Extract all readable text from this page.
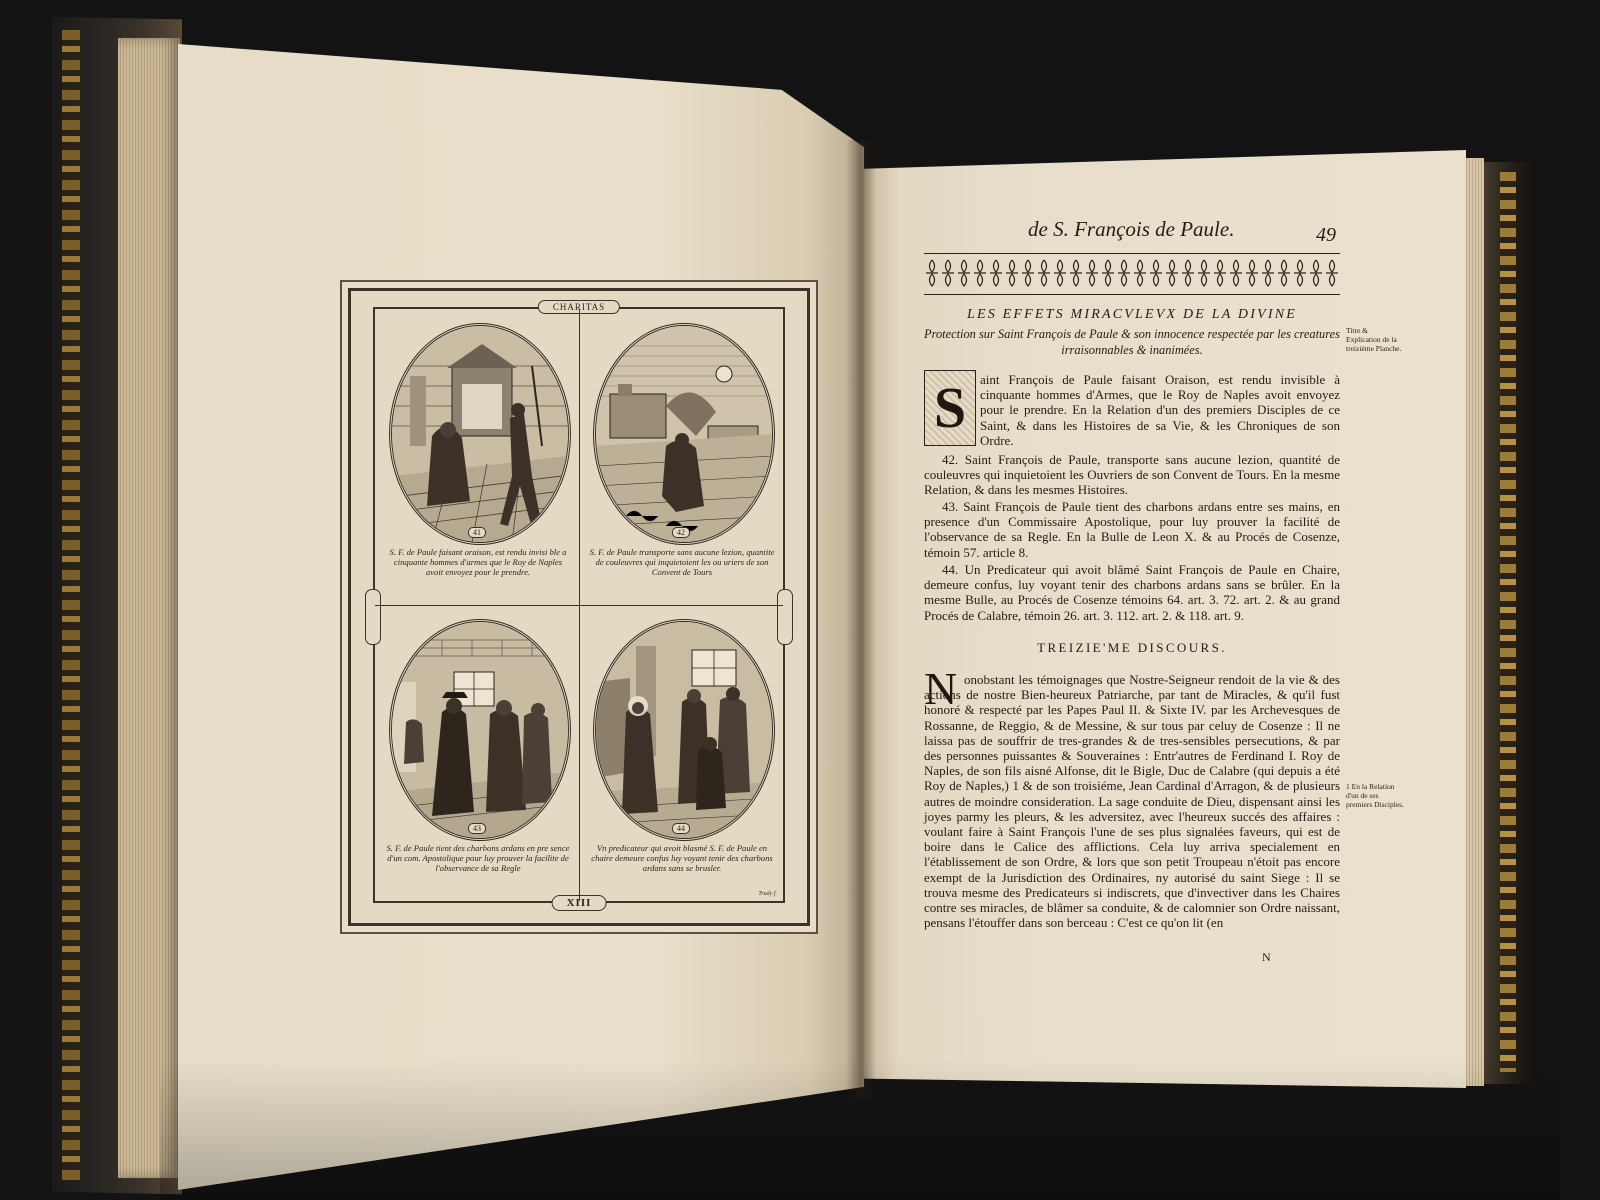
CHARITAS
XIII
41
S. F. de Paule faisant oraison, est rendu invisi ble a cinquante hommes d'armes que le Roy de Naples avoit envoyez pour le prendre.
42
S. F. de Paule transporte sans aucune lezion, quantite de couleuvres qui inquietoient les ou uriers de son Convent de Tours
43
S. F. de Paule tient des charbons ardans en pre sence d'un com. Apostolique pour luy prouver la facilite de l'observance de sa Regle
44
Vn predicateur qui avoit blasmé S. F. de Paule en chaire demeure confus luy voyant tenir des charbons ardans sans se brusler.
Trudy f.
de S. François de Paule.	49
LES EFFETS MIRACVLEVX DE LA DIVINE
Protection sur Saint François de Paule & son innocence respectée par les creatures irraisonnables & inanimées.
Titre & Explication de la treiziéme Planche.
S	aint François de Paule faisant Oraison, est rendu invisible à cinquante hommes d'Armes, que le Roy de Naples avoit envoyez pour le prendre. En la Relation d'un des premiers Disciples de ce Saint, & dans les Histoires de sa Vie, & les Chroniques de son Ordre.
42. Saint François de Paule, transporte sans aucune lezion, quantité de couleuvres qui inquietoient les Ouvriers de son Convent de Tours. En la mesme Relation, & dans les mesmes Histoires.
43. Saint François de Paule tient des charbons ardans entre ses mains, en presence d'un Commissaire Apostolique, pour luy prouver la facilité de l'observance de sa Regle. En la Bulle de Leon X. & au Procés de Cosenze, témoin 57. article 8.
44. Un Predicateur qui avoit blâmé Saint François de Paule en Chaire, demeure confus, luy voyant tenir des charbons ardans sans se brûler. En la mesme Bulle, au Procés de Cosenze témoins 64. art. 3. 72. art. 2. & au grand Procés de Calabre, témoin 26. art. 3. 112. art. 2. & 118. art. 9.
TREIZIE'ME DISCOURS.
N onobstant les témoignages que Nostre-Seigneur rendoit de la vie & des actions de nostre Bien-heureux Patriarche, par tant de Miracles, & qu'il fust honoré & respecté par les Papes Paul II. & Sixte IV. par les Archevesques de Rossanne, de Reggio, & de Messine, & sur tous par celuy de Cosenze : Il ne laissa pas de souffrir de tres-grandes & de tres-sensibles persecutions, & par des personnes puissantes & Souveraines : Entr'autres de Ferdinand I. Roy de Naples, de son fils aisné Alfonse, dit le Bigle, Duc de Calabre (qui depuis a été Roy de Naples,) 1 & de son troisiéme, Jean Cardinal d'Arragon, & de plusieurs autres de moindre consideration. La sage conduite de Dieu, dispensant ainsi les joyes parmy les pleurs, & les adversitez, avec l'heureux succés des affaires : voulant faire à Saint François l'une de ses plus signalées faveurs, qui est de boire dans le Calice des afflictions. Cela luy arriva specialement en l'établissement de son Ordre, & lors que son petit Troupeau n'étoit pas encore exempt de la Jurisdiction des Ordinaires, ny autorisé du saint Siege : Il se trouva mesme des Predicateurs si indiscrets, que d'invectiver dans les Chaires contre ses miracles, de blâmer sa conduite, & de calomnier son Ordre naissant, pensans l'étouffer dans son berceau : C'est ce qu'on lit (en
1 En la Relation d'un de ses premiers Disciples.
N
